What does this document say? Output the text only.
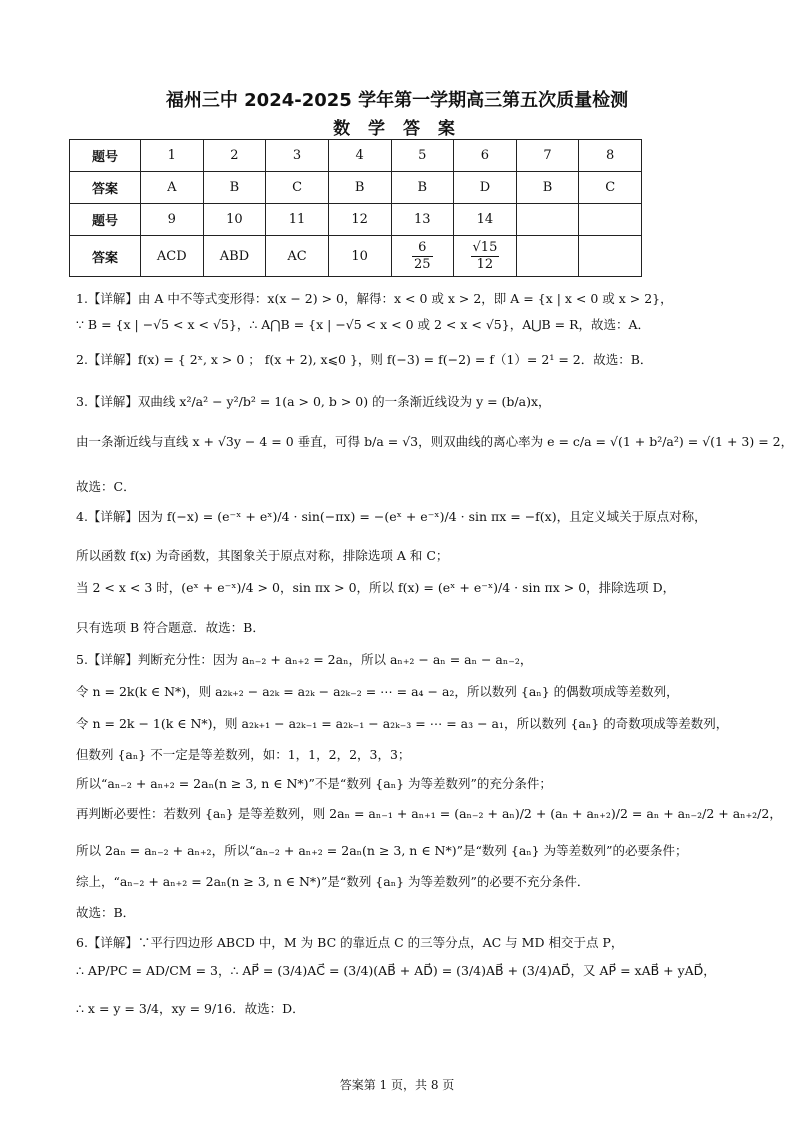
福州三中 2024-2025 学年第一学期高三第五次质量检测
数 学 答 案
题号	1	2	3	4	5	6	7	8
答案	A	B	C	B	B	D	B	C
题号	9	10	11	12	13	14		
答案	ACD	ABD	AC	10	$\frac{6}{25}$	$\frac{√15}{12}$

1.【详解】由 A 中不等式变形得：x(x − 2) > 0，解得：x < 0 或 x > 2，即 A = {x | x < 0 或 x > 2}，
∵ B = {x | −√5 < x < √5}，∴ A⋂B = {x | −√5 < x < 0 或 2 < x < √5}，A⋃B = R，故选：A．
2.【详解】f(x) = { 2ˣ, x > 0 ； f(x + 2), x⩽0 }，则 f(−3) = f(−2) = f（1）= 2¹ = 2．故选：B．
3.【详解】双曲线 x²/a² − y²/b² = 1(a > 0, b > 0) 的一条渐近线设为 y = (b/a)x，
由一条渐近线与直线 x + √3y − 4 = 0 垂直，可得 b/a = √3，则双曲线的离心率为 e = c/a = √(1 + b²/a²) = √(1 + 3) = 2，
故选：C．
4.【详解】因为 f(−x) = (e⁻ˣ + eˣ)/4 · sin(−πx) = −(eˣ + e⁻ˣ)/4 · sin πx = −f(x)，且定义域关于原点对称，
所以函数 f(x) 为奇函数，其图象关于原点对称，排除选项 A 和 C；
当 2 < x < 3 时，(eˣ + e⁻ˣ)/4 > 0，sin πx > 0，所以 f(x) = (eˣ + e⁻ˣ)/4 · sin πx > 0，排除选项 D，
只有选项 B 符合题意．故选：B．
5.【详解】判断充分性：因为 aₙ₋₂ + aₙ₊₂ = 2aₙ，所以 aₙ₊₂ − aₙ = aₙ − aₙ₋₂，
令 n = 2k(k ∈ N*)，则 a₂ₖ₊₂ − a₂ₖ = a₂ₖ − a₂ₖ₋₂ = ⋯ = a₄ − a₂，所以数列 {aₙ} 的偶数项成等差数列，
令 n = 2k − 1(k ∈ N*)，则 a₂ₖ₊₁ − a₂ₖ₋₁ = a₂ₖ₋₁ − a₂ₖ₋₃ = ⋯ = a₃ − a₁，所以数列 {aₙ} 的奇数项成等差数列，
但数列 {aₙ} 不一定是等差数列，如：1，1，2，2，3，3；
所以“aₙ₋₂ + aₙ₊₂ = 2aₙ(n ≥ 3, n ∈ N*)”不是“数列 {aₙ} 为等差数列”的充分条件；
再判断必要性：若数列 {aₙ} 是等差数列，则 2aₙ = aₙ₋₁ + aₙ₊₁ = (aₙ₋₂ + aₙ)/2 + (aₙ + aₙ₊₂)/2 = aₙ + aₙ₋₂/2 + aₙ₊₂/2，
所以 2aₙ = aₙ₋₂ + aₙ₊₂，所以“aₙ₋₂ + aₙ₊₂ = 2aₙ(n ≥ 3, n ∈ N*)”是“数列 {aₙ} 为等差数列”的必要条件；
综上，“aₙ₋₂ + aₙ₊₂ = 2aₙ(n ≥ 3, n ∈ N*)”是“数列 {aₙ} 为等差数列”的必要不充分条件．
故选：B．
6.【详解】∵平行四边形 ABCD 中，M 为 BC 的靠近点 C 的三等分点，AC 与 MD 相交于点 P，
∴ AP/PC = AD/CM = 3，∴ AP⃗ = (3/4)AC⃗ = (3/4)(AB⃗ + AD⃗) = (3/4)AB⃗ + (3/4)AD⃗，又 AP⃗ = xAB⃗ + yAD⃗，
∴ x = y = 3/4，xy = 9/16．故选：D．
答案第 1 页，共 8 页
